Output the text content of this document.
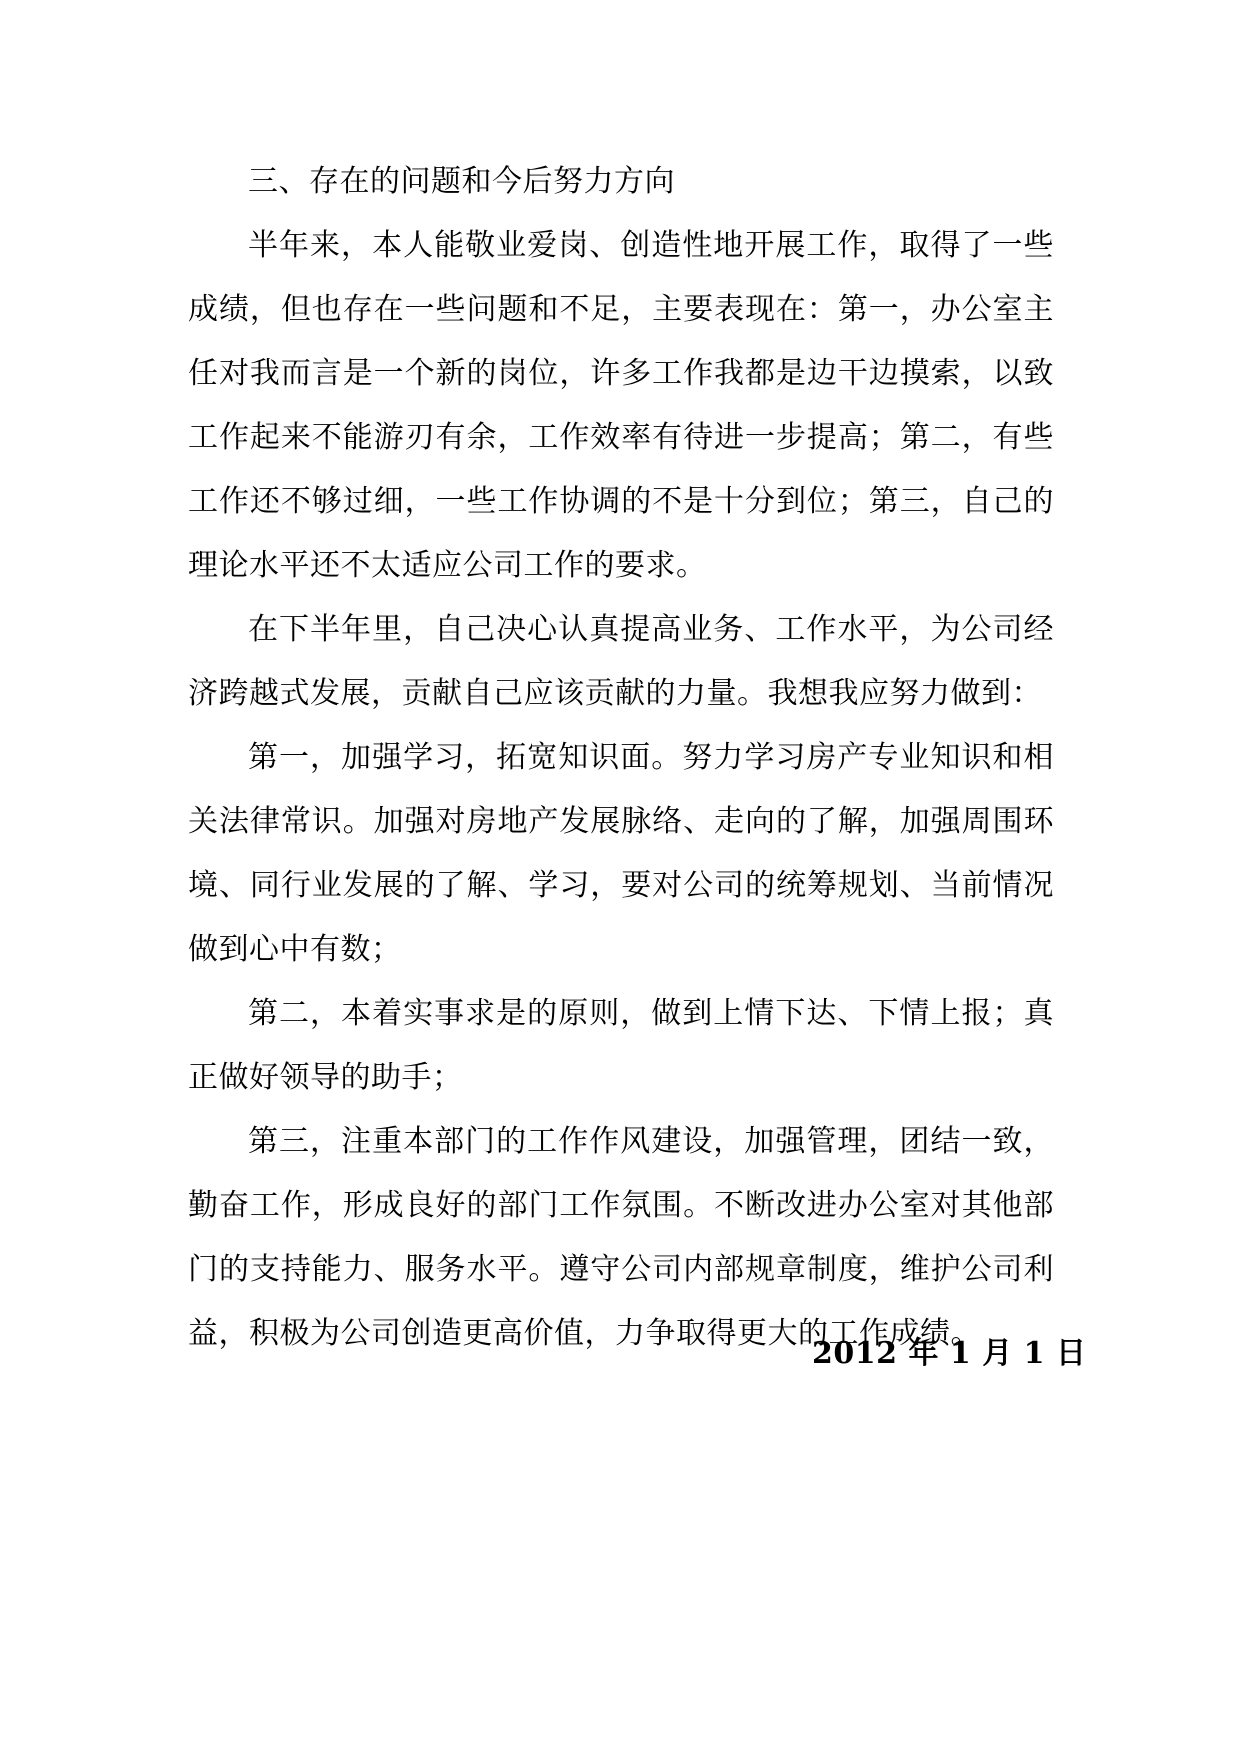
三、存在的问题和今后努力方向

半年来，本人能敬业爱岗、创造性地开展工作，取得了一些成绩，但也存在一些问题和不足，主要表现在：第一，办公室主任对我而言是一个新的岗位，许多工作我都是边干边摸索，以致工作起来不能游刃有余，工作效率有待进一步提高；第二，有些工作还不够过细，一些工作协调的不是十分到位；第三，自己的理论水平还不太适应公司工作的要求。

在下半年里，自己决心认真提高业务、工作水平，为公司经济跨越式发展，贡献自己应该贡献的力量。我想我应努力做到：

第一，加强学习，拓宽知识面。努力学习房产专业知识和相关法律常识。加强对房地产发展脉络、走向的了解，加强周围环境、同行业发展的了解、学习，要对公司的统筹规划、当前情况做到心中有数；

第二，本着实事求是的原则，做到上情下达、下情上报；真正做好领导的助手；

第三，注重本部门的工作作风建设，加强管理，团结一致，勤奋工作，形成良好的部门工作氛围。不断改进办公室对其他部门的支持能力、服务水平。遵守公司内部规章制度，维护公司利益，积极为公司创造更高价值，力争取得更大的工作成绩。

2012 年 1 月 1 日
